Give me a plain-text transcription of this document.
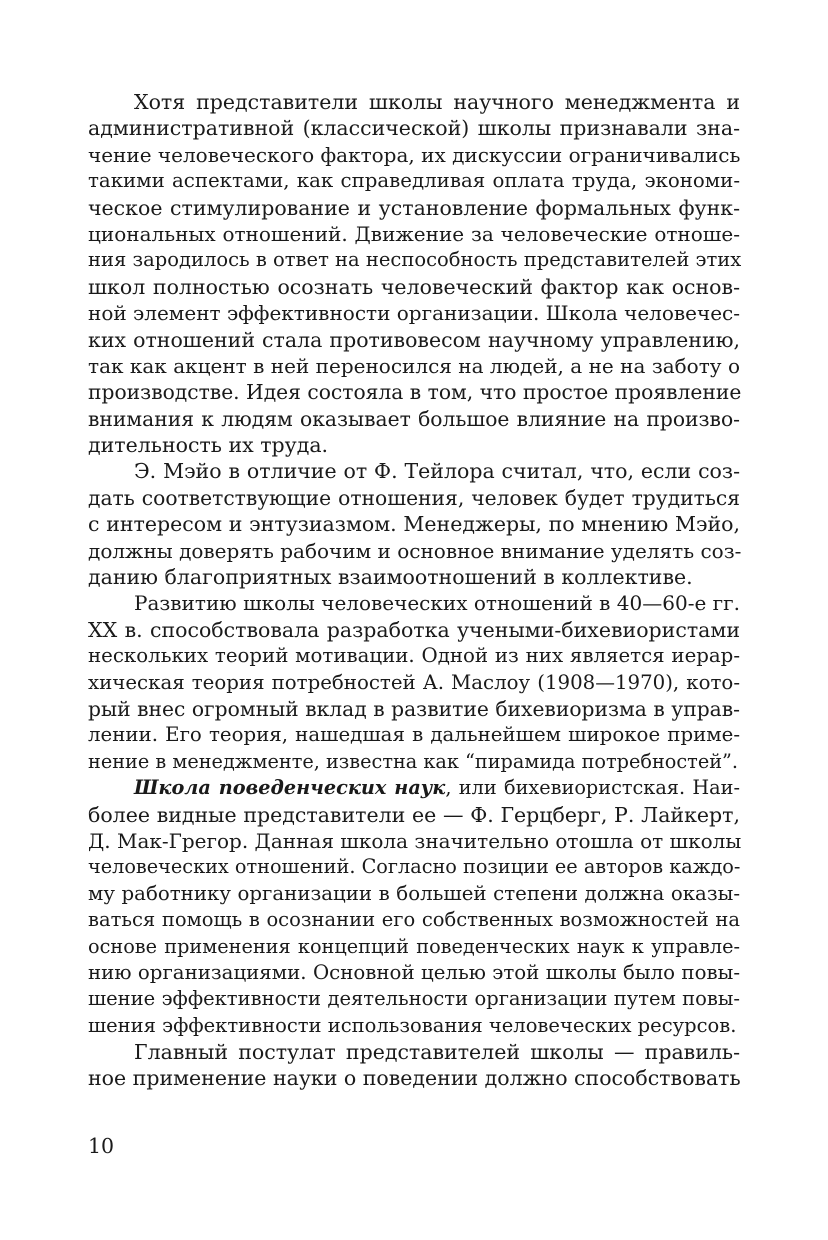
Хотя представители школы научного менеджмента и
административной (классической) школы признавали зна-
чение человеческого фактора, их дискуссии ограничивались
такими аспектами, как справедливая оплата труда, экономи-
ческое стимулирование и установление формальных функ-
циональных отношений. Движение за человеческие отноше-
ния зародилось в ответ на неспособность представителей этих
школ полностью осознать человеческий фактор как основ-
ной элемент эффективности организации. Школа человечес-
ких отношений стала противовесом научному управлению,
так как акцент в ней переносился на людей, а не на заботу о
производстве. Идея состояла в том, что простое проявление
внимания к людям оказывает большое влияние на произво-
дительность их труда.
Э. Мэйо в отличие от Ф. Тейлора считал, что, если соз-
дать соответствующие отношения, человек будет трудиться
с интересом и энтузиазмом. Менеджеры, по мнению Мэйо,
должны доверять рабочим и основное внимание уделять соз-
данию благоприятных взаимоотношений в коллективе.
Развитию школы человеческих отношений в 40—60-е гг.
XX в. способствовала разработка учеными-бихевиористами
нескольких теорий мотивации. Одной из них является иерар-
хическая теория потребностей А. Маслоу (1908—1970), кото-
рый внес огромный вклад в развитие бихевиоризма в управ-
лении. Его теория, нашедшая в дальнейшем широкое приме-
нение в менеджменте, известна как “пирамида потребностей”.
Школа поведенческих наук, или бихевиористская. Наи-
более видные представители ее — Ф. Герцберг, Р. Лайкерт,
Д. Мак-Грегор. Данная школа значительно отошла от школы
человеческих отношений. Согласно позиции ее авторов каждо-
му работнику организации в большей степени должна оказы-
ваться помощь в осознании его собственных возможностей на
основе применения концепций поведенческих наук к управле-
нию организациями. Основной целью этой школы было повы-
шение эффективности деятельности организации путем повы-
шения эффективности использования человеческих ресурсов.
Главный постулат представителей школы — правиль-
ное применение науки о поведении должно способствовать
10
